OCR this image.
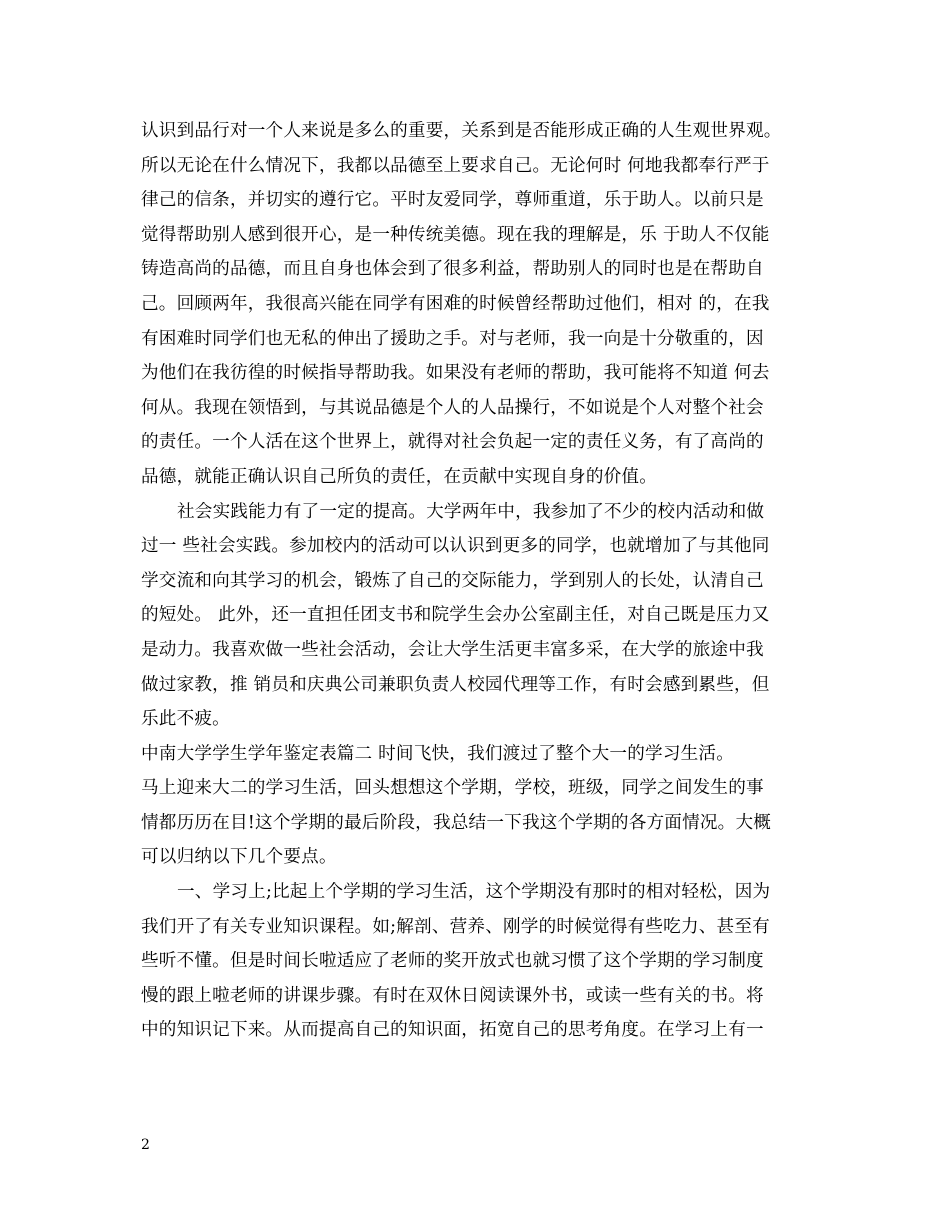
认识到品行对一个人来说是多么的重要，关系到是否能形成正确的人生观世界观。
所以无论在什么情况下，我都以品德至上要求自己。无论何时 何地我都奉行严于
律己的信条，并切实的遵行它。平时友爱同学，尊师重道，乐于助人。以前只是
觉得帮助别人感到很开心，是一种传统美德。现在我的理解是，乐 于助人不仅能
铸造高尚的品德，而且自身也体会到了很多利益，帮助别人的同时也是在帮助自
己。回顾两年，我很高兴能在同学有困难的时候曾经帮助过他们，相对 的，在我
有困难时同学们也无私的伸出了援助之手。对与老师，我一向是十分敬重的，因
为他们在我彷徨的时候指导帮助我。如果没有老师的帮助，我可能将不知道 何去
何从。我现在领悟到，与其说品德是个人的人品操行，不如说是个人对整个社会
的责任。一个人活在这个世界上，就得对社会负起一定的责任义务，有了高尚的
品德，就能正确认识自己所负的责任，在贡献中实现自身的价值。
社会实践能力有了一定的提高。大学两年中，我参加了不少的校内活动和做
过一 些社会实践。参加校内的活动可以认识到更多的同学，也就增加了与其他同
学交流和向其学习的机会，锻炼了自己的交际能力，学到别人的长处，认清自己
的短处。 此外，还一直担任团支书和院学生会办公室副主任，对自己既是压力又
是动力。我喜欢做一些社会活动，会让大学生活更丰富多采，在大学的旅途中我
做过家教，推 销员和庆典公司兼职负责人校园代理等工作，有时会感到累些，但
乐此不疲。
中南大学学生学年鉴定表篇二 时间飞快，我们渡过了整个大一的学习生活。
马上迎来大二的学习生活，回头想想这个学期，学校，班级，同学之间发生的事
情都历历在目!这个学期的最后阶段，我总结一下我这个学期的各方面情况。大概
可以归纳以下几个要点。
一、学习上;比起上个学期的学习生活，这个学期没有那时的相对轻松，因为
我们开了有关专业知识课程。如;解剖、营养、刚学的时候觉得有些吃力、甚至有
些听不懂。但是时间长啦适应了老师的奖开放式也就习惯了这个学期的学习制度
慢的跟上啦老师的讲课步骤。有时在双休日阅读课外书，或读一些有关的书。将
中的知识记下来。从而提高自己的知识面，拓宽自己的思考角度。在学习上有一
2
